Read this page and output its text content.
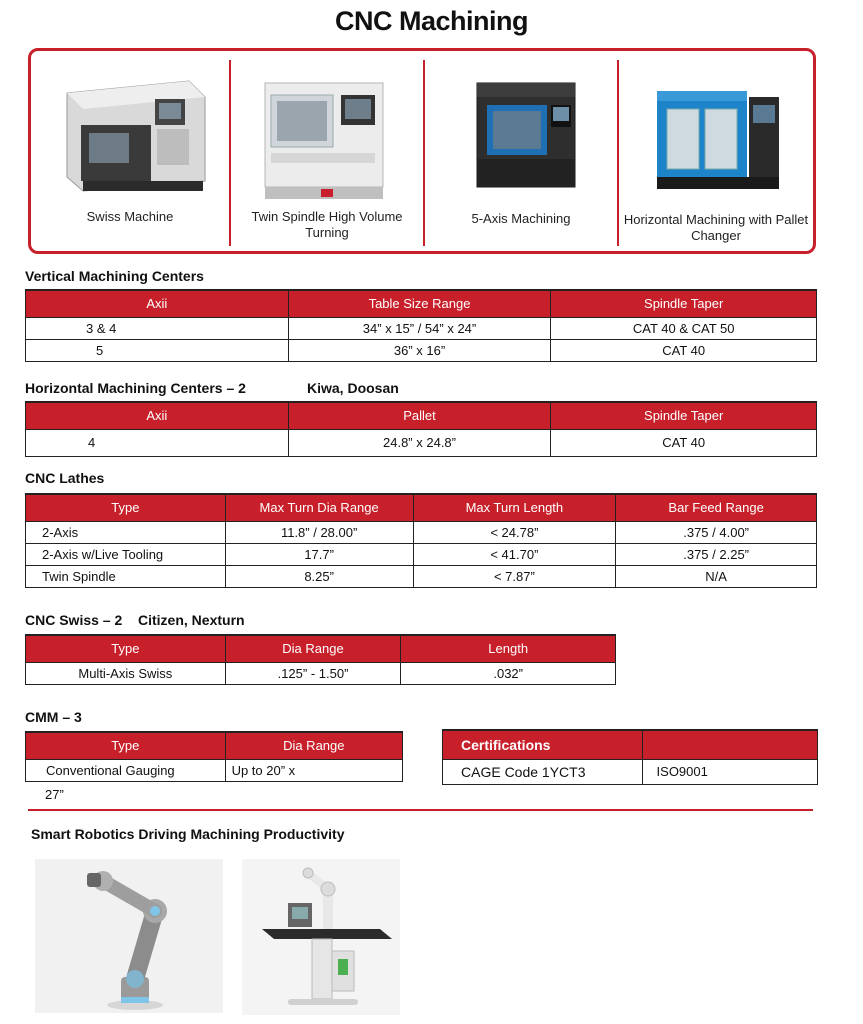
CNC Machining
Swiss Machine	Twin Spindle High Volume Turning
5-Axis Machining	Horizontal Machining with Pallet Changer
Vertical Machining Centers
Axii	Table Size Range	Spindle Taper
3 & 4	34” x 15” / 54” x 24”	CAT 40 & CAT 50
5	36” x 16”	CAT 40
Horizontal Machining Centers – 2	Kiwa, Doosan
Axii	Pallet	Spindle Taper
4	24.8” x 24.8”	CAT 40
CNC Lathes
Type	Max Turn Dia Range	Max Turn Length	Bar Feed Range
2-Axis	11.8” / 28.00”	< 24.78”	.375 / 4.00”
2-Axis w/Live Tooling	17.7”	< 41.70”	.375 / 2.25”
Twin Spindle	8.25”	< 7.87”	N/A
CNC Swiss – 2 Citizen, Nexturn
Type	Dia Range	Length
Multi-Axis Swiss	.125” - 1.50”	.032”
CMM – 3
Type	Dia Range
Conventional Gauging	Up to 20” x
27”
Certifications	
CAGE Code 1YCT3	ISO9001
Smart Robotics Driving Machining Productivity
